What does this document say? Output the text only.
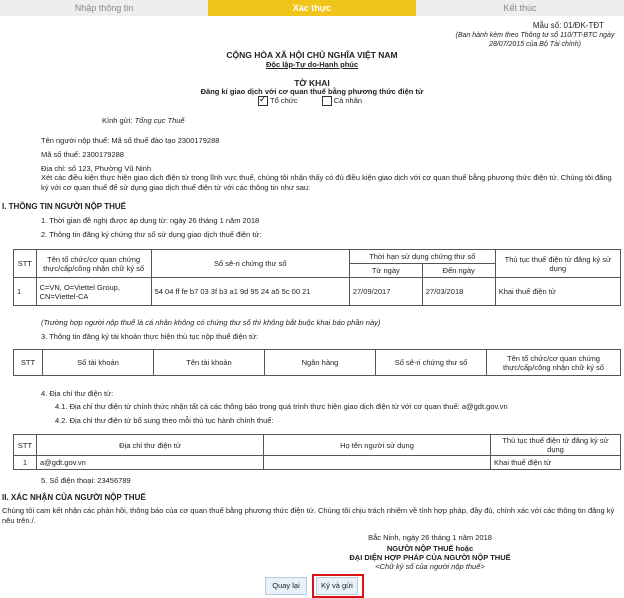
Nhập thông tin	Xác thực	Kết thúc
Mẫu số: 01/ĐK-TĐT
(Ban hành kèm theo Thông tư số 110/TT-BTC ngày 28/07/2015 của Bộ Tài chính)
CỘNG HÒA XÃ HỘI CHỦ NGHĨA VIỆT NAM
Độc lập-Tự do-Hạnh phúc
TỜ KHAI
Đăng kí giao dịch với cơ quan thuế bằng phương thức điện tử
✓Tổ chức	Cá nhân
Kính gửi: Tổng cục Thuế
Tên người nộp thuế: Mã số thuế đào tạo 2300179288
Mã số thuế: 2300179288
Địa chỉ: số 123, Phường Vũ Ninh
Xét các điều kiện thực hiện giao dịch điện tử trong lĩnh vực thuế, chúng tôi nhận thấy có đủ điều kiện giao dịch với cơ quan thuế bằng phương thức điện tử. Chúng tôi đăng ký với cơ quan thuế để sử dụng giao dịch thuế điện tử với các thông tin như sau:
I. THÔNG TIN NGƯỜI NỘP THUẾ
1. Thời gian đề nghị được áp dụng từ: ngày 26 tháng 1 năm 2018
2. Thông tin đăng ký chứng thư số sử dụng giao dịch thuế điện tử:
STT	Tên tổ chức/cơ quan chứng thực/cấp/công nhận chữ ký số	Số sê-ri chứng thư số	Thời hạn sử dụng chứng thư số		Thủ tục thuế điện tử đăng ký sử dụng
			Từ ngày	Đến ngày	
1	C=VN, O=Viettel Group, CN=Viettel-CA	54 04 ff fe b7 03 3f b3 a1 9d 95 24 a5 5c 00 21	27/09/2017	27/03/2018	Khai thuế điện tử
(Trường hợp người nộp thuế là cá nhân không có chứng thư số thì không bắt buộc khai báo phần này)
3. Thông tin đăng ký tài khoản thực hiện thủ tục nộp thuế điện tử:
STT	Số tài khoản	Tên tài khoản	Ngân hàng	Số sê-ri chứng thư số	Tên tổ chức/cơ quan chứng thực/cấp/công nhận chữ ký số
4. Địa chỉ thư điện tử:
4.1. Địa chỉ thư điện tử chính thức nhận tất cả các thông báo trong quá trình thực hiện giao dịch điện tử với cơ quan thuế: a@gdt.gov.vn
4.2. Địa chỉ thư điện tử bổ sung theo mỗi thủ tục hành chính thuế:
STT	Địa chỉ thư điện tử	Họ tên người sử dụng	Thủ tục thuế điện tử đăng ký sử dụng
1	a@gdt.gov.vn		Khai thuế điện tử
5. Số điện thoại: 23456789
II. XÁC NHẬN CỦA NGƯỜI NỘP THUẾ
Chúng tôi cam kết nhận các phản hồi, thông báo của cơ quan thuế bằng phương thức điện tử. Chúng tôi chịu trách nhiệm về tính hợp pháp, đầy đủ, chính xác với các thông tin đăng ký nêu trên./.
Bắc Ninh, ngày 26 tháng 1 năm 2018
NGƯỜI NỘP THUẾ hoặc
ĐẠI DIỆN HỢP PHÁP CỦA NGƯỜI NỘP THUẾ
<Chữ ký số của người nộp thuế>
Quay lại	Ký và gửi
